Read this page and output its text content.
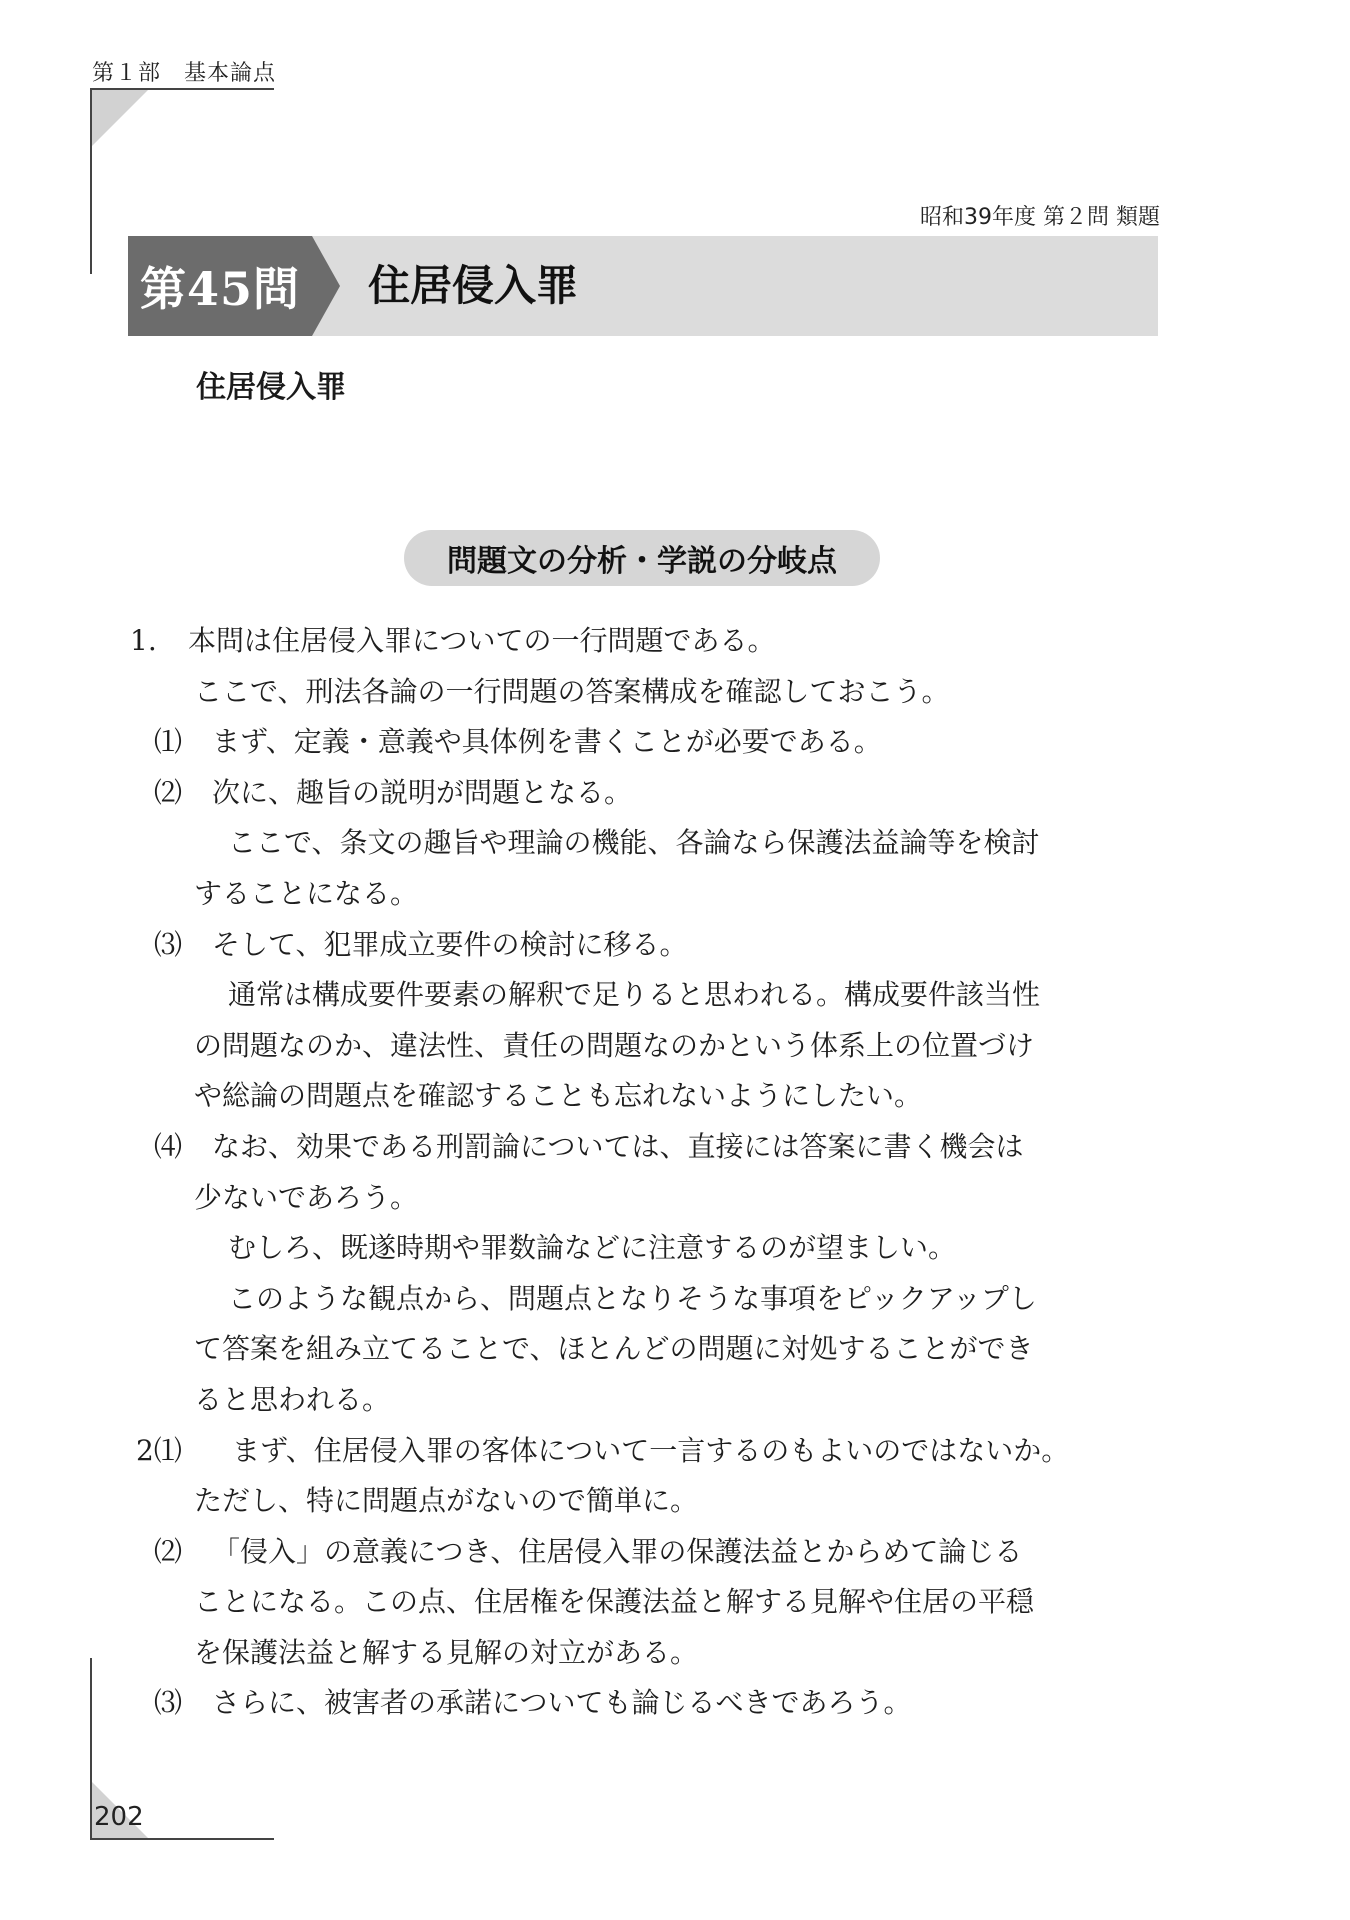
第１部　基本論点
昭和39年度 第２問 類題
第45問 住居侵入罪
住居侵入罪
問題文の分析・学説の分岐点
1. 本問は住居侵入罪についての一行問題である。
ここで、刑法各論の一行問題の答案構成を確認しておこう。
⑴ まず、定義・意義や具体例を書くことが必要である。
⑵ 次に、趣旨の説明が問題となる。
ここで、条文の趣旨や理論の機能、各論なら保護法益論等を検討
することになる。
⑶ そして、犯罪成立要件の検討に移る。
通常は構成要件要素の解釈で足りると思われる。構成要件該当性
の問題なのか、違法性、責任の問題なのかという体系上の位置づけ
や総論の問題点を確認することも忘れないようにしたい。
⑷ なお、効果である刑罰論については、直接には答案に書く機会は
少ないであろう。
むしろ、既遂時期や罪数論などに注意するのが望ましい。
このような観点から、問題点となりそうな事項をピックアップし
て答案を組み立てることで、ほとんどの問題に対処することができ
ると思われる。
2⑴ まず、住居侵入罪の客体について一言するのもよいのではないか。
ただし、特に問題点がないので簡単に。
⑵ 「侵入」の意義につき、住居侵入罪の保護法益とからめて論じる
ことになる。この点、住居権を保護法益と解する見解や住居の平穏
を保護法益と解する見解の対立がある。
⑶ さらに、被害者の承諾についても論じるべきであろう。
202
